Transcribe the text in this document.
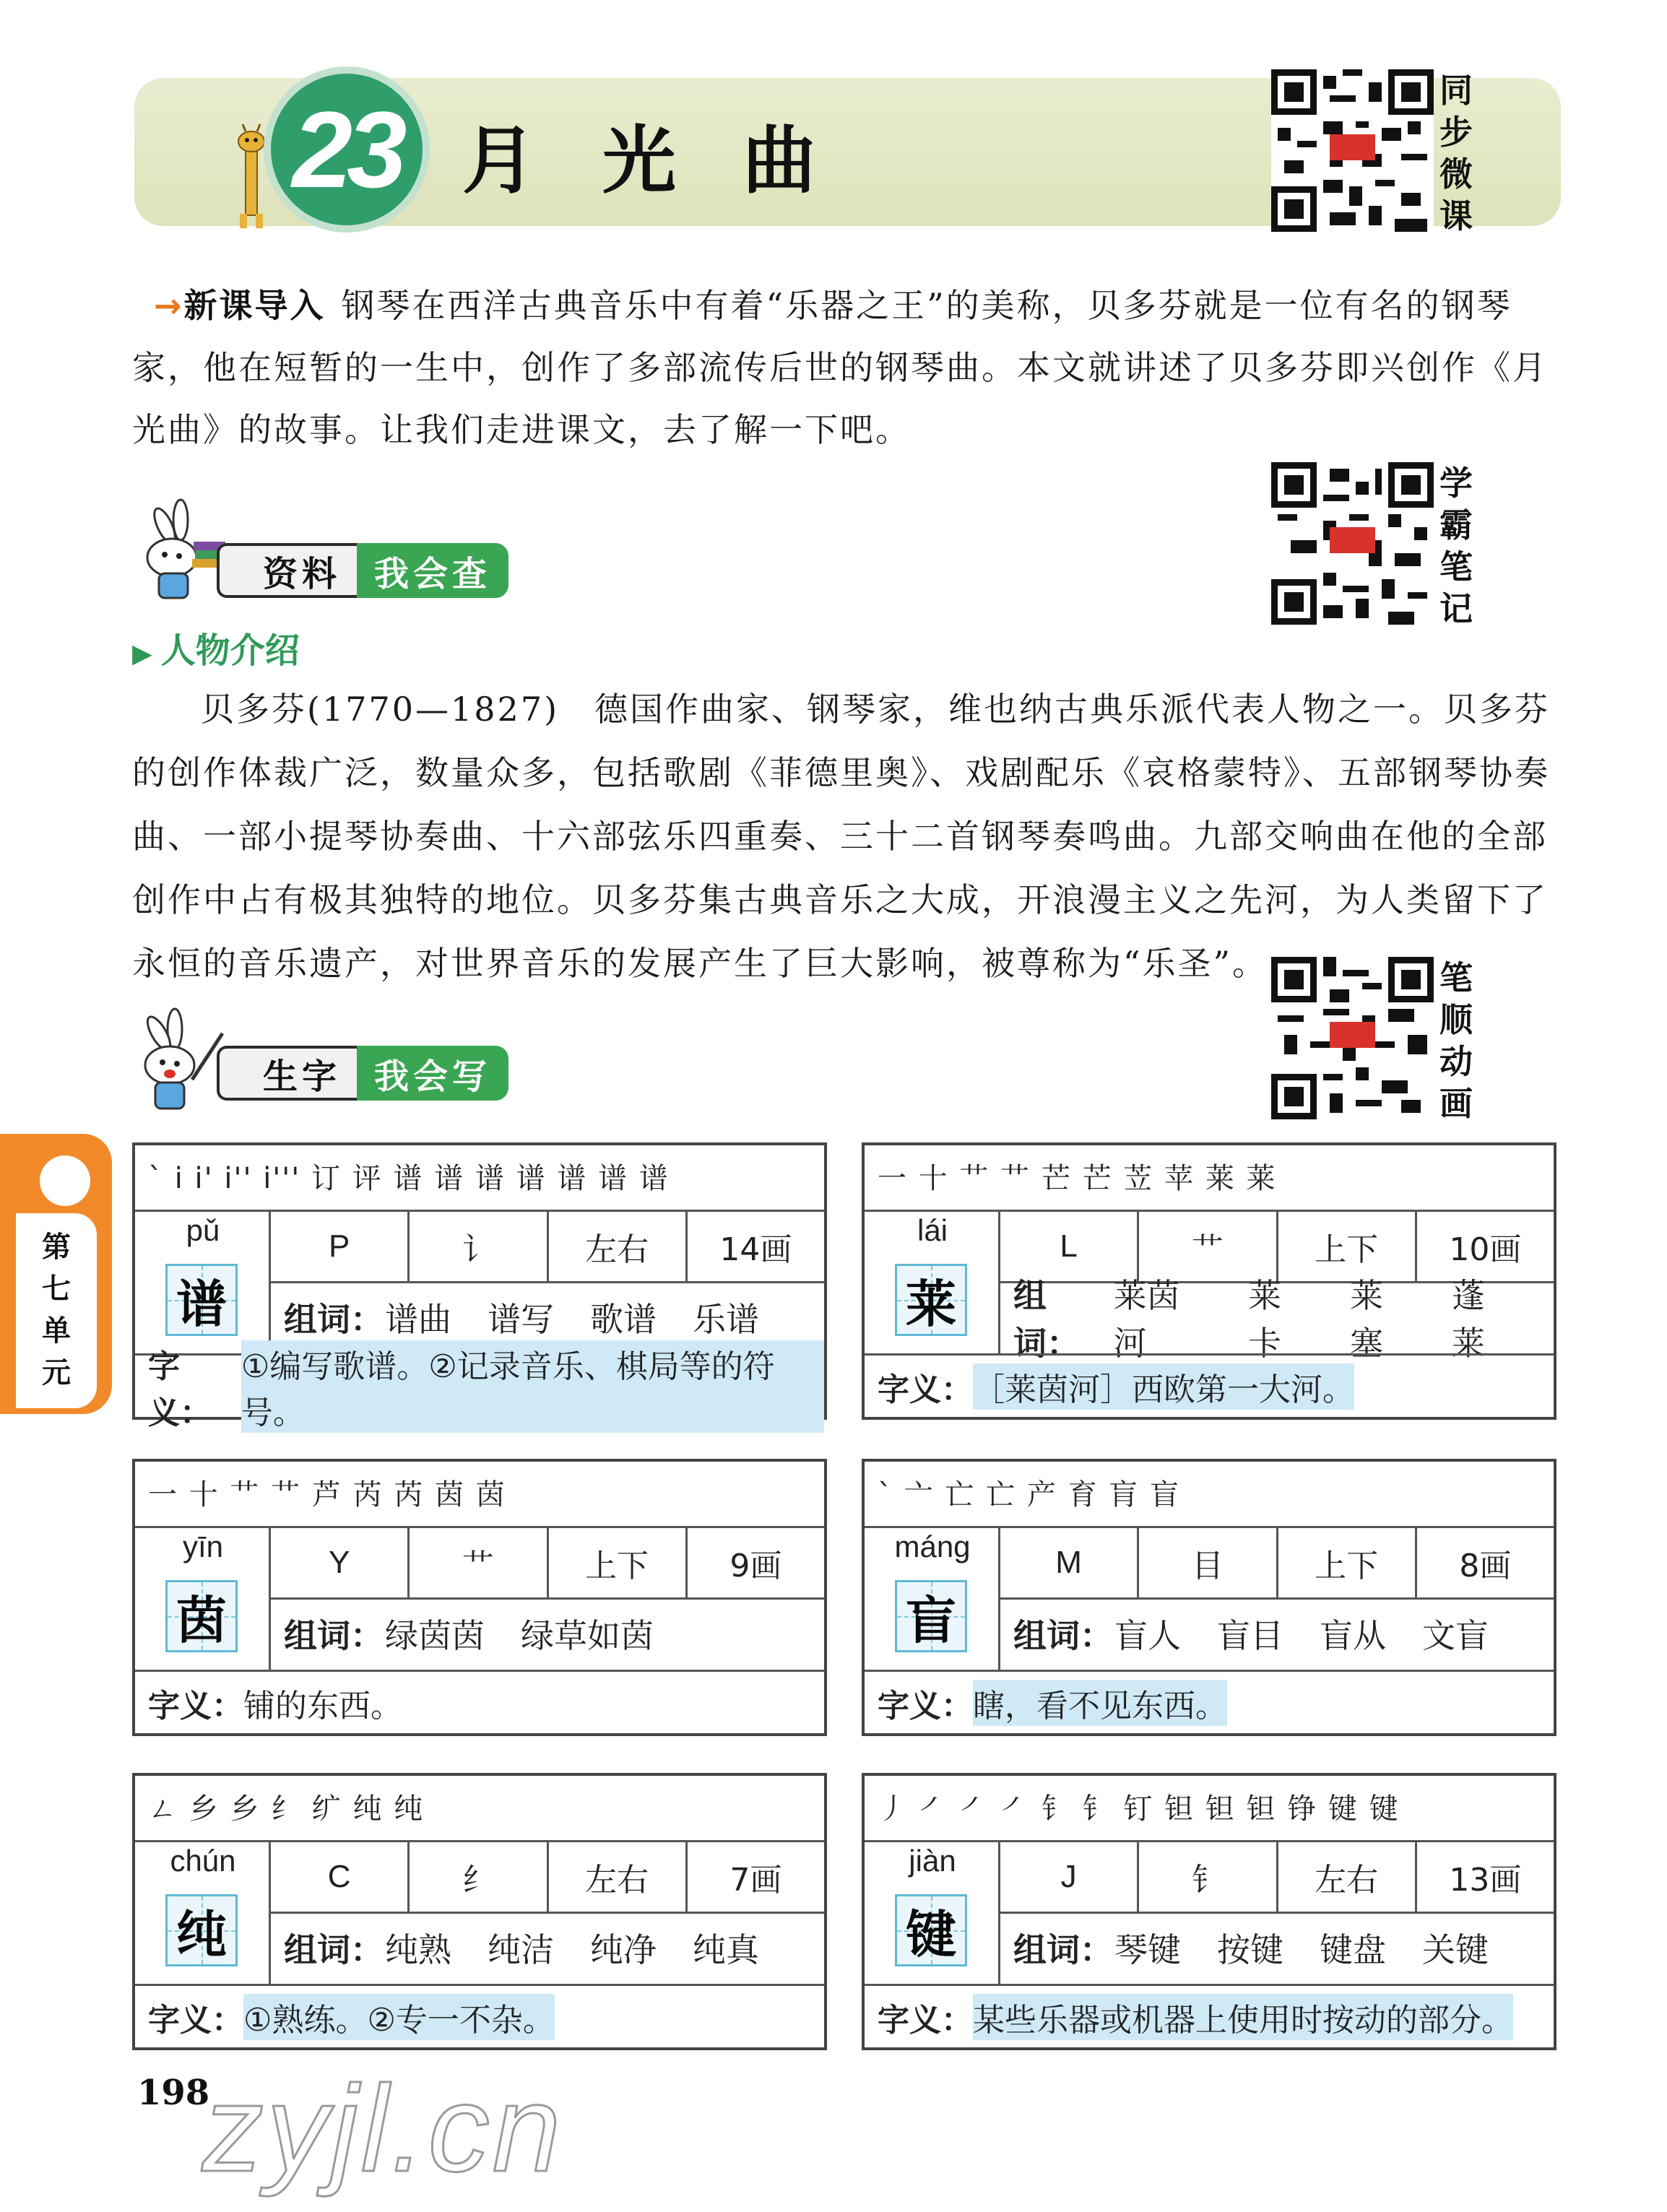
23 月光曲
同
步
微
课
→新课导入 钢琴在西洋古典音乐中有着“乐器之王”的美称，贝多芬就是一位有名的钢琴家，他在短暂的一生中，创作了多部流传后世的钢琴曲。本文就讲述了贝多芬即兴创作《月光曲》的故事。让我们走进课文，去了解一下吧。
学
霸
笔
记
资料 我会查
▶ 人物介绍
贝多芬(1770—1827)　德国作曲家、钢琴家，维也纳古典乐派代表人物之一。贝多芬的创作体裁广泛，数量众多，包括歌剧《菲德里奥》、戏剧配乐《哀格蒙特》、五部钢琴协奏曲、一部小提琴协奏曲、十六部弦乐四重奏、三十二首钢琴奏鸣曲。九部交响曲在他的全部创作中占有极其独特的地位。贝多芬集古典音乐之大成，开浪漫主义之先河，为人类留下了永恒的音乐遗产，对世界音乐的发展产生了巨大影响，被尊称为“乐圣”。	笔
顺
动
画
生字 我会写
第
七
单
元
` i i' i'' i''' 订 评 谱 谱 谱 谱 谱 谱 谱
pǔ
谱
P	讠	左右	14画
组词： 谱曲 谱写 歌谱 乐谱
字义：
①编写歌谱。②记录音乐、棋局等的符号。
一 十 艹 艹 芒 芒 苙 苹 莱 莱
lái
莱
L	艹	上下	10画
组词：
莱茵河
莱卡
莱塞
蓬莱
字义： ［莱茵河］西欧第一大河。
一 十 艹 艹 芦 芮 芮 茵 茵
yīn
茵
Y	艹	上下	9画
组词： 绿茵茵 绿草如茵
字义： 铺的东西。
` 亠 亡 亡 产 育 肓 盲
máng
盲
M	目	上下	8画
组词： 盲人 盲目 盲从 文盲
字义： 瞎，看不见东西。
ㄥ 乡 乡 纟 纩 纯 纯
chún
纯
C	纟	左右	7画
组词： 纯熟 纯洁 纯净 纯真
字义： ①熟练。②专一不杂。
丿 ㇒ ㇒ ㇒ 钅 钅 钉 钽 钽 钽 铮 键 键
jiàn
键
J	钅	左右	13画
组词： 琴键 按键 键盘 关键
字义： 某些乐器或机器上使用时按动的部分。
198
zyjl.cn
